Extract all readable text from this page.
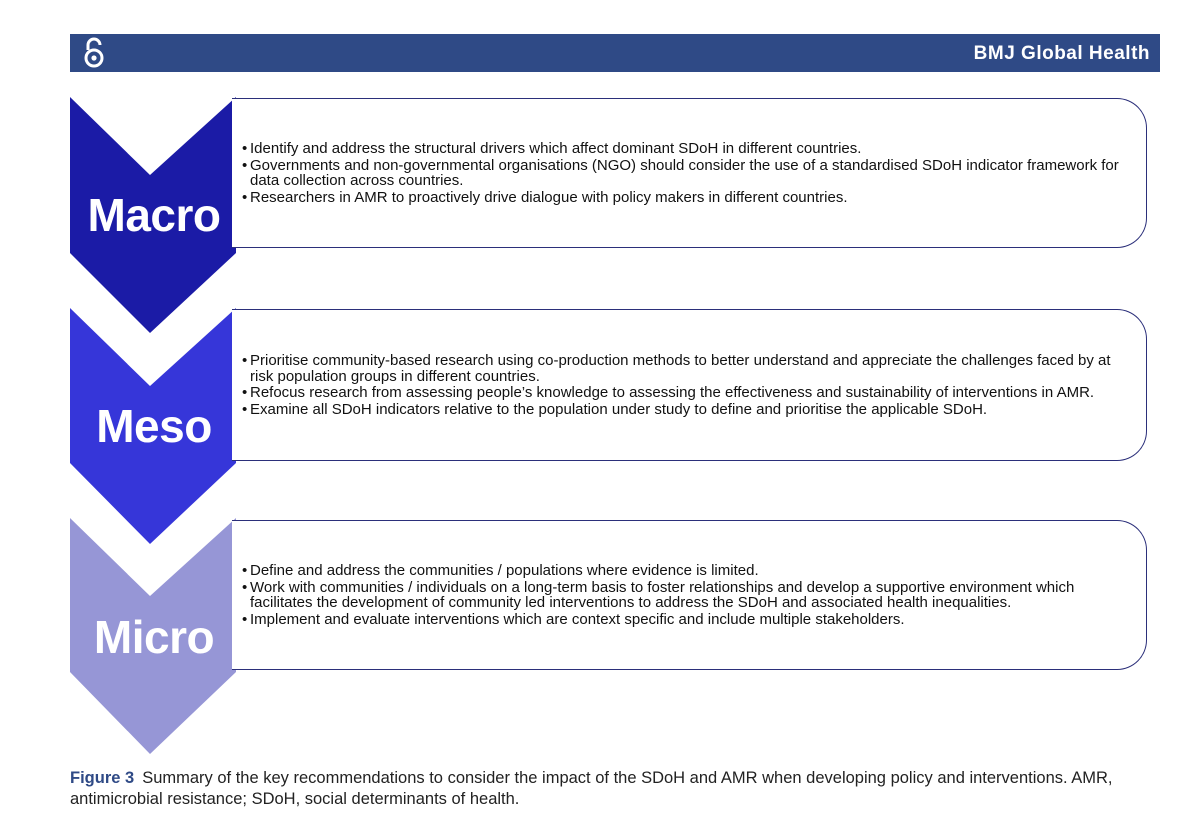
BMJ Global Health
Macro
Meso
Micro
• Identify and address the structural drivers which affect dominant SDoH in different countries.
• Governments and non-governmental organisations (NGO) should consider the use of a standardised SDoH indicator framework for data collection across countries.
• Researchers in AMR to proactively drive dialogue with policy makers in different countries.
• Prioritise community-based research using co-production methods to better understand and appreciate the challenges faced by at risk population groups in different countries.
• Refocus research from assessing people’s knowledge to assessing the effectiveness and sustainability of interventions in AMR.
• Examine all SDoH indicators relative to the population under study to define and prioritise the applicable SDoH.
• Define and address the communities / populations where evidence is limited.
• Work with communities / individuals on a long-term basis to foster relationships and develop a supportive environment which facilitates the development of community led interventions to address the SDoH and associated health inequalities.
• Implement and evaluate interventions which are context specific and include multiple stakeholders.
Figure 3 Summary of the key recommendations to consider the impact of the SDoH and AMR when developing policy and interventions. AMR, antimicrobial resistance; SDoH, social determinants of health.
